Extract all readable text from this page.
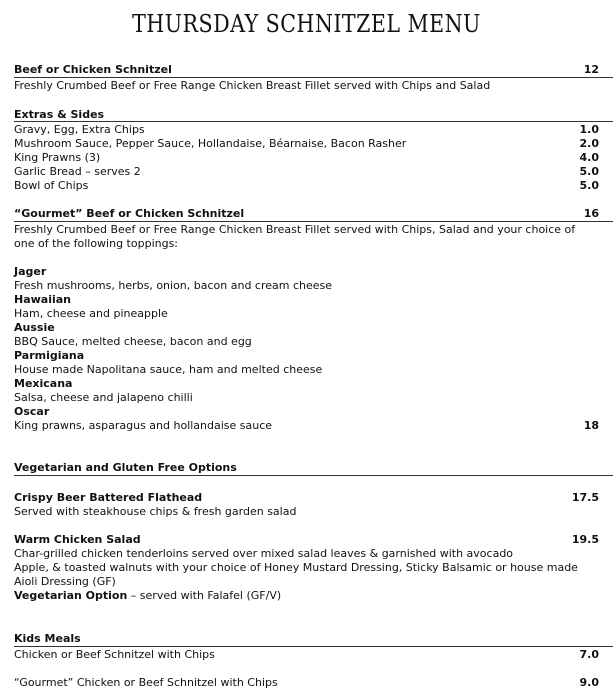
THURSDAY SCHNITZEL MENU
Beef or Chicken Schnitzel	12
Freshly Crumbed Beef or Free Range Chicken Breast Fillet served with Chips and Salad
Extras & Sides
Gravy, Egg, Extra Chips	1.0
Mushroom Sauce, Pepper Sauce, Hollandaise, Béarnaise, Bacon Rasher	2.0
King Prawns (3)	4.0
Garlic Bread – serves 2	5.0
Bowl of Chips	5.0
“Gourmet” Beef or Chicken Schnitzel	16
Freshly Crumbed Beef or Free Range Chicken Breast Fillet served with Chips, Salad and your choice of one of the following toppings:
Jager
Fresh mushrooms, herbs, onion, bacon and cream cheese
Hawaiian
Ham, cheese and pineapple
Aussie
BBQ Sauce, melted cheese, bacon and egg
Parmigiana
House made Napolitana sauce, ham and melted cheese
Mexicana
Salsa, cheese and jalapeno chilli
Oscar
King prawns, asparagus and hollandaise sauce	18
Vegetarian and Gluten Free Options
Crispy Beer Battered Flathead	17.5
Served with steakhouse chips & fresh garden salad
Warm Chicken Salad	19.5
Char-grilled chicken tenderloins served over mixed salad leaves & garnished with avocado
Apple, & toasted walnuts with your choice of Honey Mustard Dressing, Sticky Balsamic or house made
Aioli Dressing (GF)
Vegetarian Option – served with Falafel (GF/V)
Kids Meals
Chicken or Beef Schnitzel with Chips	7.0
“Gourmet” Chicken or Beef Schnitzel with Chips	9.0
